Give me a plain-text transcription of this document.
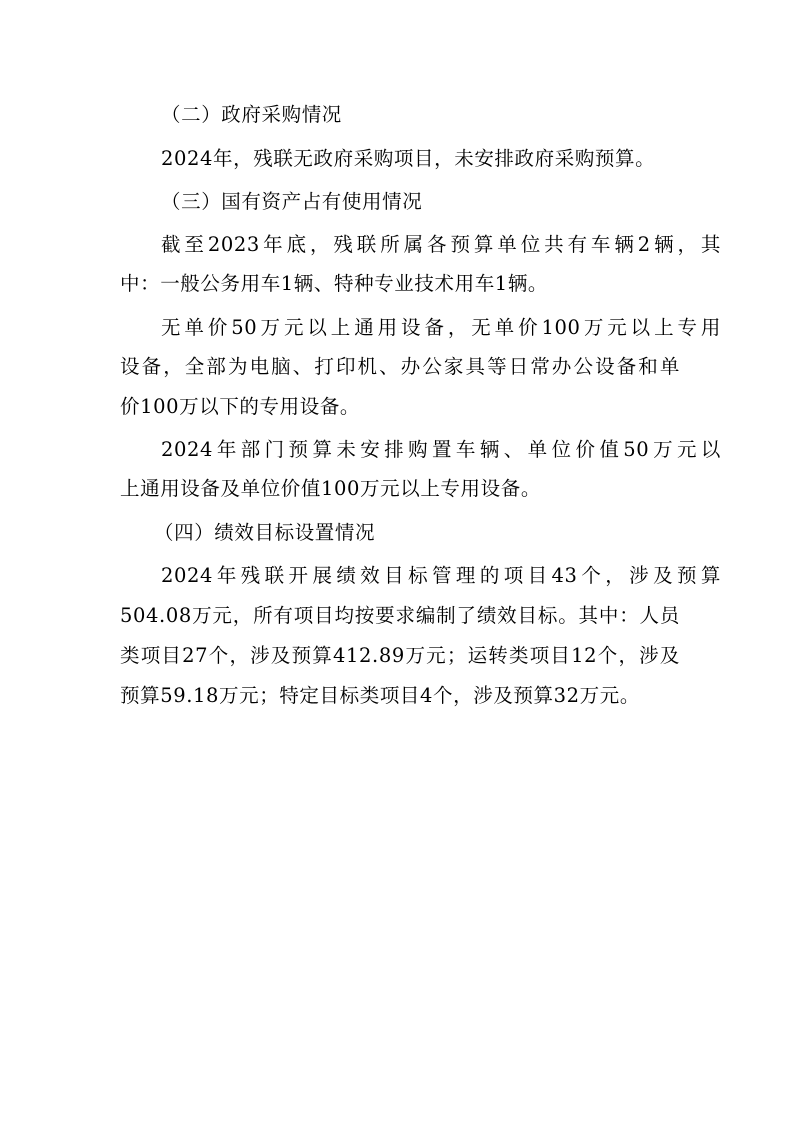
（二）政府采购情况
2024年，残联无政府采购项目，未安排政府采购预算。
（三）国有资产占有使用情况
截至2023年底，残联所属各预算单位共有车辆2辆，其
中：一般公务用车1辆、特种专业技术用车1辆。
无单价50万元以上通用设备，无单价100万元以上专用
设备，全部为电脑、打印机、办公家具等日常办公设备和单
价100万以下的专用设备。
2024年部门预算未安排购置车辆、单位价值50万元以
上通用设备及单位价值100万元以上专用设备。
（四）绩效目标设置情况
2024年残联开展绩效目标管理的项目43个，涉及预算
504.08万元，所有项目均按要求编制了绩效目标。其中：人员
类项目27个，涉及预算412.89万元；运转类项目12个，涉及
预算59.18万元；特定目标类项目4个，涉及预算32万元。
